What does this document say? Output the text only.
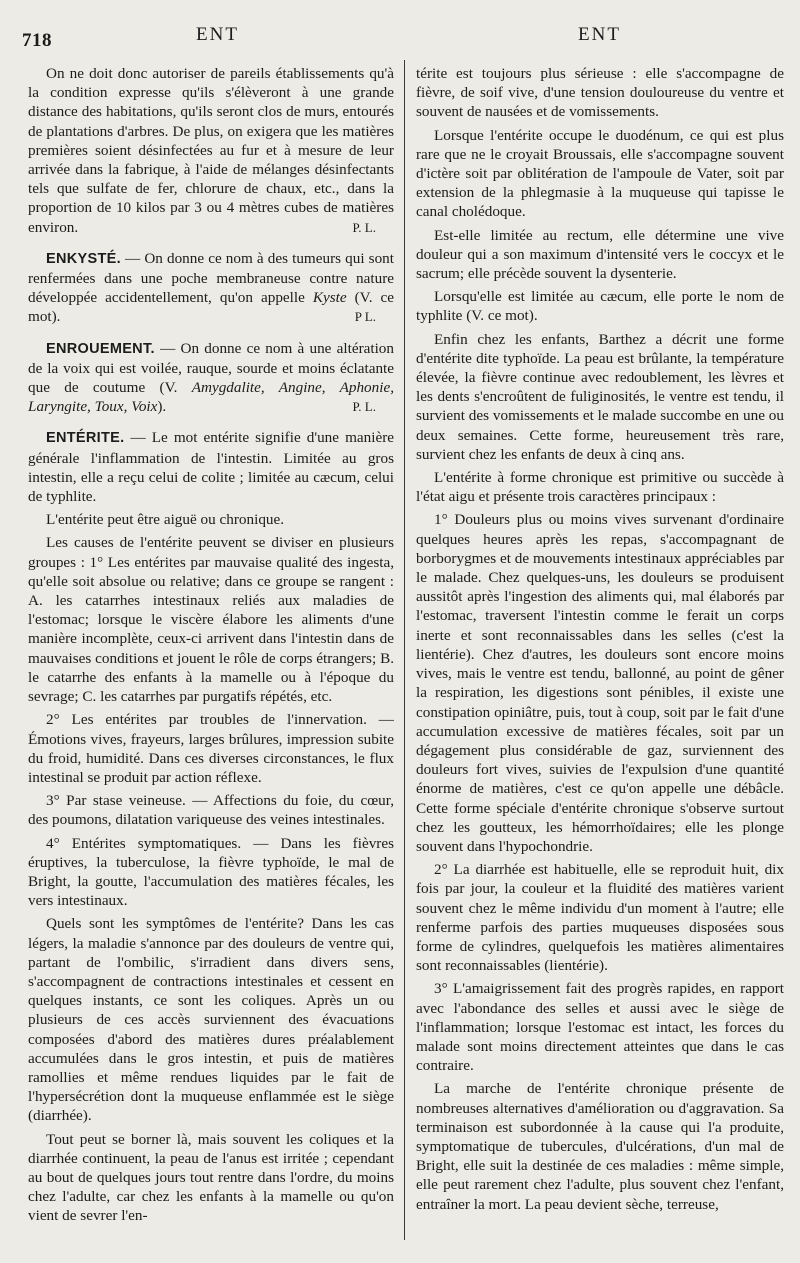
718	ENT	ENT

On ne doit donc autoriser de pareils établissements qu'à la condition expresse qu'ils s'élèveront à une grande distance des habitations, qu'ils seront clos de murs, entourés de plantations d'arbres. De plus, on exigera que les matières premières soient désinfectées au fur et à mesure de leur arrivée dans la fabrique, à l'aide de mélanges désinfectants tels que sulfate de fer, chlorure de chaux, etc., dans la proportion de 10 kilos par 3 ou 4 mètres cubes de matières environ.	P. L.

ENKYSTÉ. — On donne ce nom à des tumeurs qui sont renfermées dans une poche membraneuse contre nature développée accidentellement, qu'on appelle Kyste (V. ce mot).	P L.

ENROUEMENT. — On donne ce nom à une altération de la voix qui est voilée, rauque, sourde et moins éclatante que de coutume (V. Amygdalite, Angine, Aphonie, Laryngite, Toux, Voix).	P. L.

ENTÉRITE. — Le mot entérite signifie d'une manière générale l'inflammation de l'intestin. Limitée au gros intestin, elle a reçu celui de colite ; limitée au cæcum, celui de typhlite.

L'entérite peut être aiguë ou chronique.

Les causes de l'entérite peuvent se diviser en plusieurs groupes : 1° Les entérites par mauvaise qualité des ingesta, qu'elle soit absolue ou relative; dans ce groupe se rangent : A. les catarrhes intestinaux reliés aux maladies de l'estomac; lorsque le viscère élabore les aliments d'une manière incomplète, ceux-ci arrivent dans l'intestin dans de mauvaises conditions et jouent le rôle de corps étrangers; B. le catarrhe des enfants à la mamelle ou à l'époque du sevrage; C. les catarrhes par purgatifs répétés, etc.

2° Les entérites par troubles de l'innervation. — Émotions vives, frayeurs, larges brûlures, impression subite du froid, humidité. Dans ces diverses circonstances, le flux intestinal se produit par action réflexe.

3° Par stase veineuse. — Affections du foie, du cœur, des poumons, dilatation variqueuse des veines intestinales.

4° Entérites symptomatiques. — Dans les fièvres éruptives, la tuberculose, la fièvre typhoïde, le mal de Bright, la goutte, l'accumulation des matières fécales, les vers intestinaux.

Quels sont les symptômes de l'entérite? Dans les cas légers, la maladie s'annonce par des douleurs de ventre qui, partant de l'ombilic, s'irradient dans divers sens, s'accompagnent de contractions intestinales et cessent en quelques instants, ce sont les coliques. Après un ou plusieurs de ces accès surviennent des évacuations composées d'abord des matières dures préalablement accumulées dans le gros intestin, et puis de matières ramollies et même rendues liquides par le fait de l'hypersécrétion dont la muqueuse enflammée est le siège (diarrhée).

Tout peut se borner là, mais souvent les coliques et la diarrhée continuent, la peau de l'anus est irritée ; cependant au bout de quelques jours tout rentre dans l'ordre, du moins chez l'adulte, car chez les enfants à la mamelle ou qu'on vient de sevrer l'en-

térite est toujours plus sérieuse : elle s'accompagne de fièvre, de soif vive, d'une tension douloureuse du ventre et souvent de nausées et de vomissements.

Lorsque l'entérite occupe le duodénum, ce qui est plus rare que ne le croyait Broussais, elle s'accompagne souvent d'ictère soit par oblitération de l'ampoule de Vater, soit par extension de la phlegmasie à la muqueuse qui tapisse le canal cholédoque.

Est-elle limitée au rectum, elle détermine une vive douleur qui a son maximum d'intensité vers le coccyx et le sacrum; elle précède souvent la dysenterie.

Lorsqu'elle est limitée au cæcum, elle porte le nom de typhlite (V. ce mot).

Enfin chez les enfants, Barthez a décrit une forme d'entérite dite typhoïde. La peau est brûlante, la température élevée, la fièvre continue avec redoublement, les lèvres et les dents s'encroûtent de fuliginosités, le ventre est tendu, il survient des vomissements et le malade succombe en une ou deux semaines. Cette forme, heureusement très rare, survient chez les enfants de deux à cinq ans.

L'entérite à forme chronique est primitive ou succède à l'état aigu et présente trois caractères principaux :

1° Douleurs plus ou moins vives survenant d'ordinaire quelques heures après les repas, s'accompagnant de borborygmes et de mouvements intestinaux appréciables par le malade. Chez quelques-uns, les douleurs se produisent aussitôt après l'ingestion des aliments qui, mal élaborés par l'estomac, traversent l'intestin comme le ferait un corps inerte et sont reconnaissables dans les selles (c'est la lientérie). Chez d'autres, les douleurs sont encore moins vives, mais le ventre est tendu, ballonné, au point de gêner la respiration, les digestions sont pénibles, il existe une constipation opiniâtre, puis, tout à coup, soit par le fait d'une accumulation excessive de matières fécales, soit par un dégagement plus considérable de gaz, surviennent des douleurs fort vives, suivies de l'expulsion d'une quantité énorme de matières, c'est ce qu'on appelle une débâcle. Cette forme spéciale d'entérite chronique s'observe surtout chez les goutteux, les hémorrhoïdaires; elle les plonge souvent dans l'hypochondrie.

2° La diarrhée est habituelle, elle se reproduit huit, dix fois par jour, la couleur et la fluidité des matières varient souvent chez le même individu d'un moment à l'autre; elle renferme parfois des parties muqueuses disposées sous forme de cylindres, quelquefois les matières alimentaires sont reconnaissables (lientérie).

3° L'amaigrissement fait des progrès rapides, en rapport avec l'abondance des selles et aussi avec le siège de l'inflammation; lorsque l'estomac est intact, les forces du malade sont moins directement atteintes que dans le cas contraire.

La marche de l'entérite chronique présente de nombreuses alternatives d'amélioration ou d'aggravation. Sa terminaison est subordonnée à la cause qui l'a produite, symptomatique de tubercules, d'ulcérations, d'un mal de Bright, elle suit la destinée de ces maladies : même simple, elle peut rarement chez l'adulte, plus souvent chez l'enfant, entraîner la mort. La peau devient sèche, terreuse,
